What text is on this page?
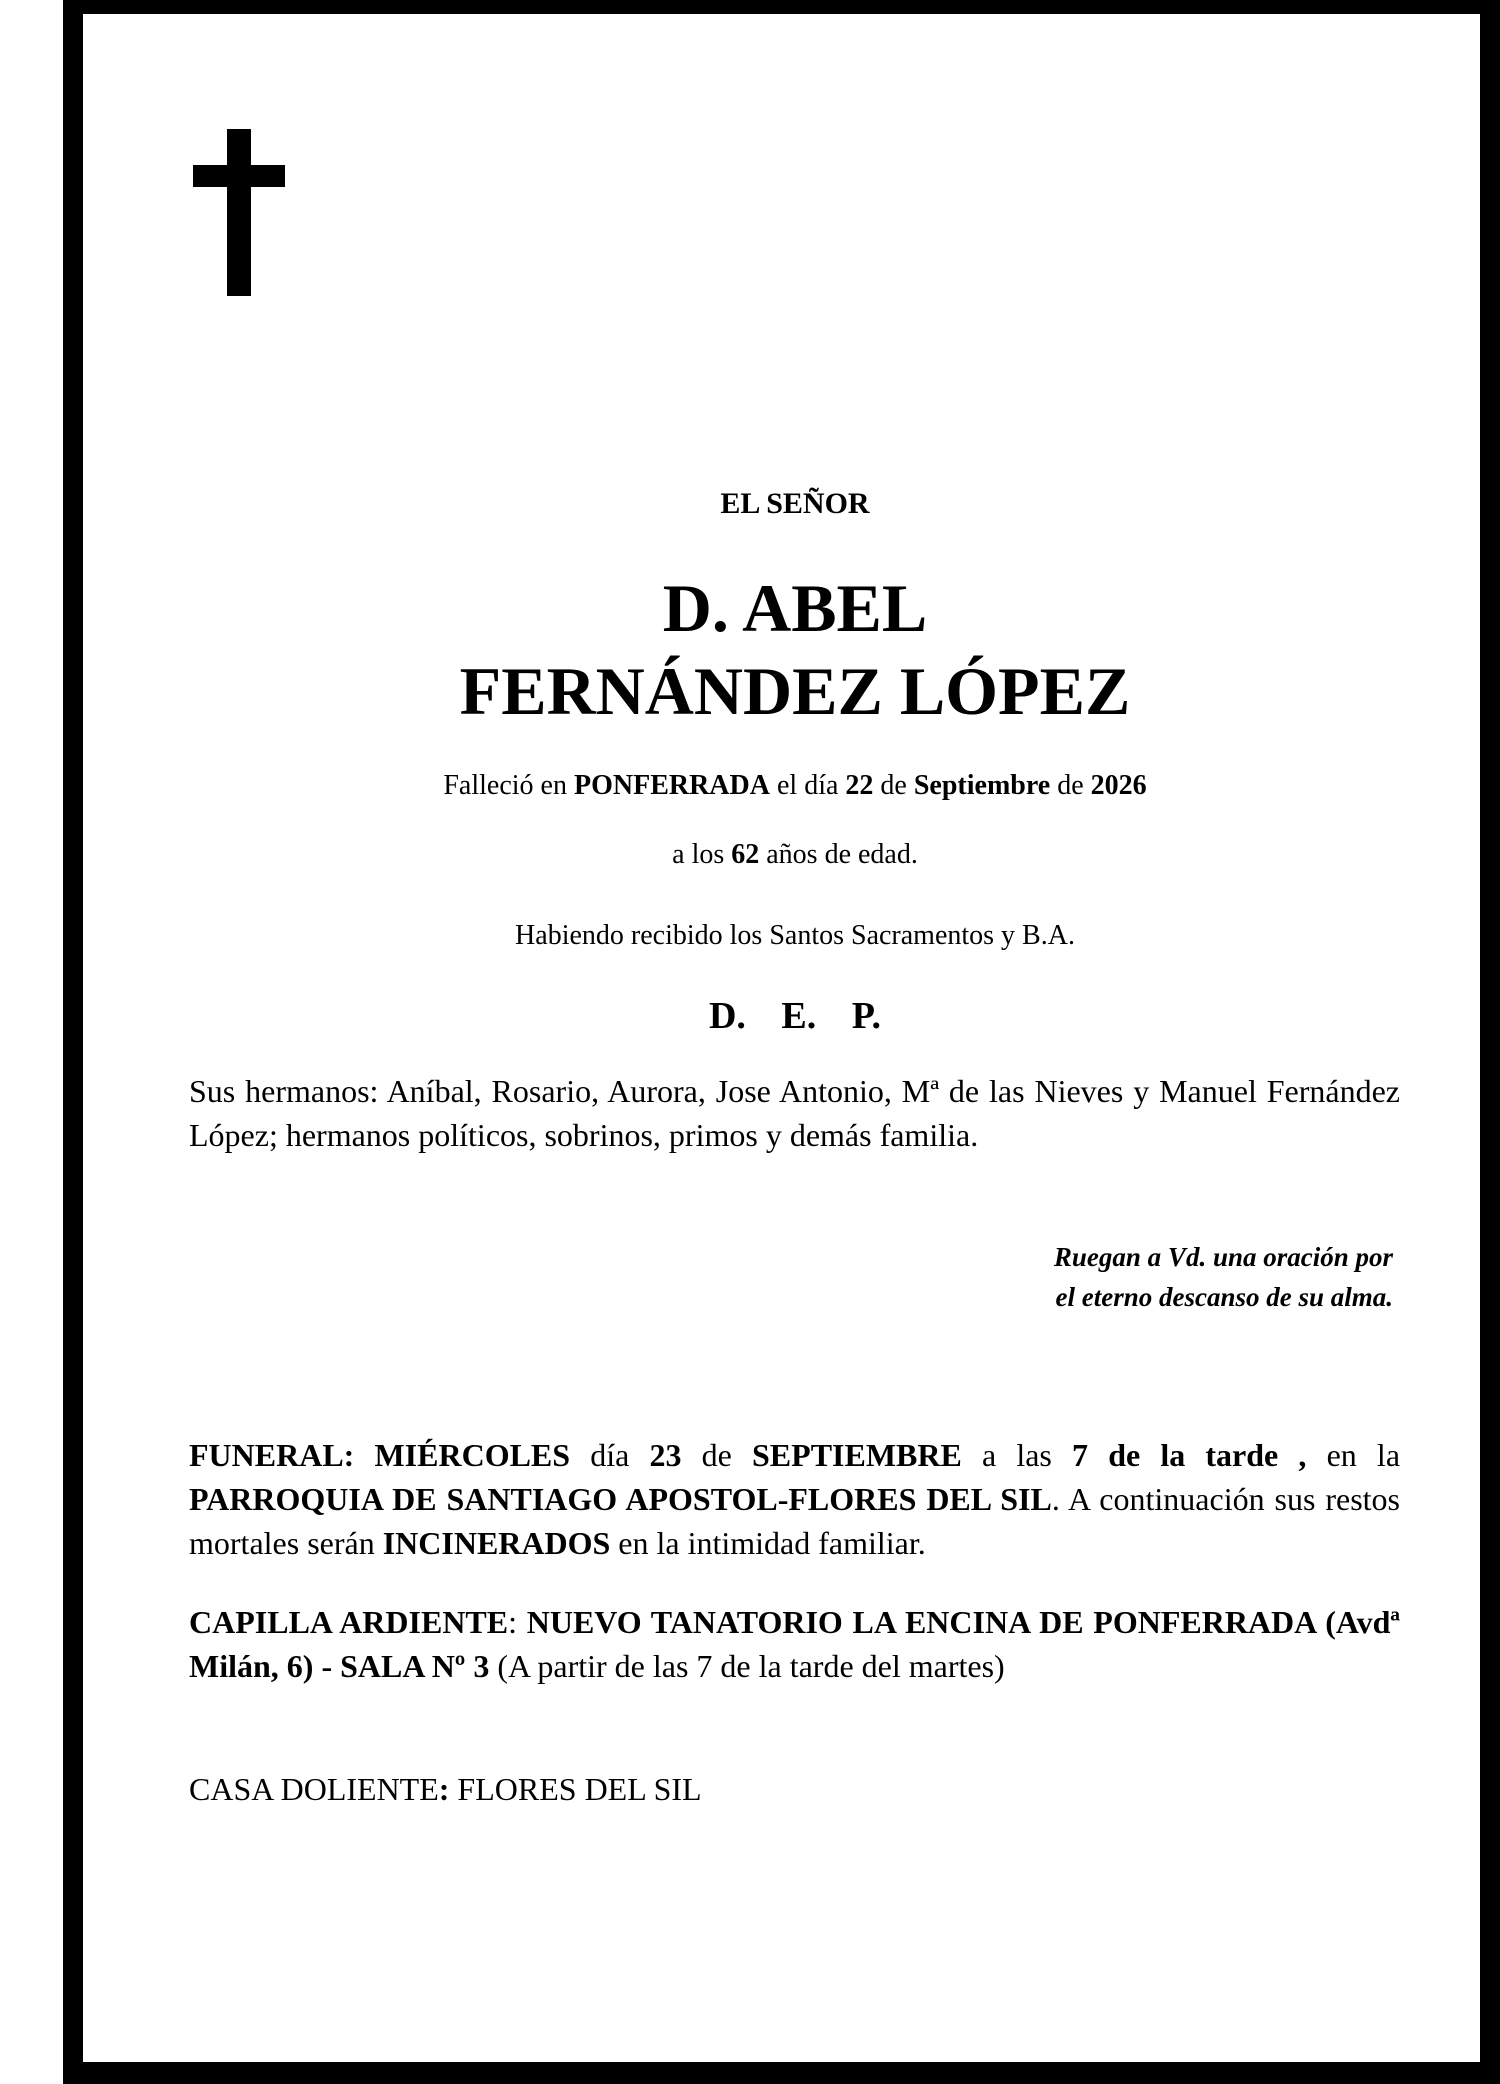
EL SEÑOR
D. ABEL
FERNÁNDEZ LÓPEZ
Falleció en PONFERRADA el día 22 de Septiembre de 2026
a los 62 años de edad.
Habiendo recibido los Santos Sacramentos y B.A.
D. E. P.
Sus hermanos: Aníbal, Rosario, Aurora, Jose Antonio, Mª de las Nieves y Manuel Fernández López; hermanos políticos, sobrinos, primos y demás familia.
Ruegan a Vd. una oración por
el eterno descanso de su alma.
FUNERAL: MIÉRCOLES día 23 de SEPTIEMBRE a las 7 de la tarde , en la PARROQUIA DE SANTIAGO APOSTOL-FLORES DEL SIL. A continuación sus restos mortales serán INCINERADOS en la intimidad familiar.
CAPILLA ARDIENTE: NUEVO TANATORIO LA ENCINA DE PONFERRADA (Avdª Milán, 6) - SALA Nº 3 (A partir de las 7 de la tarde del martes)
CASA DOLIENTE: FLORES DEL SIL
